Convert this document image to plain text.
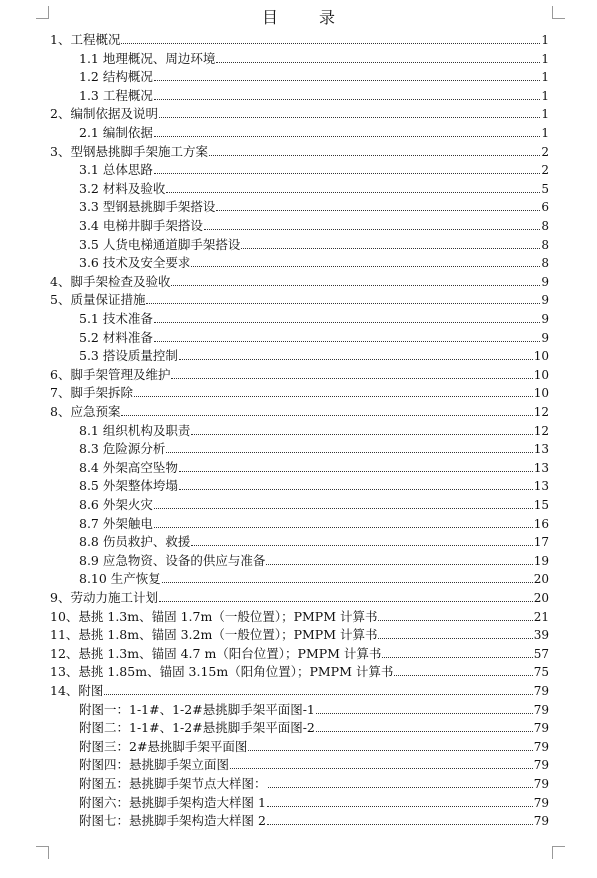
目 录
1、工程概况	1
1.1 地理概况、周边环境	1
1.2 结构概况	1
1.3 工程概况	1
2、编制依据及说明	1
2.1 编制依据	1
3、型钢悬挑脚手架施工方案	2
3.1 总体思路	2
3.2 材料及验收	5
3.3 型钢悬挑脚手架搭设	6
3.4 电梯井脚手架搭设	8
3.5 人货电梯通道脚手架搭设	8
3.6 技术及安全要求	8
4、脚手架检查及验收	9
5、质量保证措施	9
5.1 技术准备	9
5.2 材料准备	9
5.3 搭设质量控制	10
6、脚手架管理及维护	10
7、脚手架拆除	10
8、应急预案	12
8.1 组织机构及职责	12
8.3 危险源分析	13
8.4 外架高空坠物	13
8.5 外架整体垮塌	13
8.6 外架火灾	15
8.7 外架触电	16
8.8 伤员救护、救援	17
8.9 应急物资、设备的供应与准备	19
8.10 生产恢复	20
9、劳动力施工计划	20
10、悬挑 1.3m、锚固 1.7m（一般位置）；PMPM 计算书	21
11、悬挑 1.8m、锚固 3.2m（一般位置）；PMPM 计算书	39
12、悬挑 1.3m、锚固 4.7 m（阳台位置）；PMPM 计算书	57
13、悬挑 1.85m、锚固 3.15m（阳角位置）；PMPM 计算书	75
14、附图	79
附图一：1-1#、1-2#悬挑脚手架平面图-1	79
附图二：1-1#、1-2#悬挑脚手架平面图-2	79
附图三：2#悬挑脚手架平面图	79
附图四：悬挑脚手架立面图	79
附图五：悬挑脚手架节点大样图：	79
附图六：悬挑脚手架构造大样图 1	79
附图七：悬挑脚手架构造大样图 2	79
